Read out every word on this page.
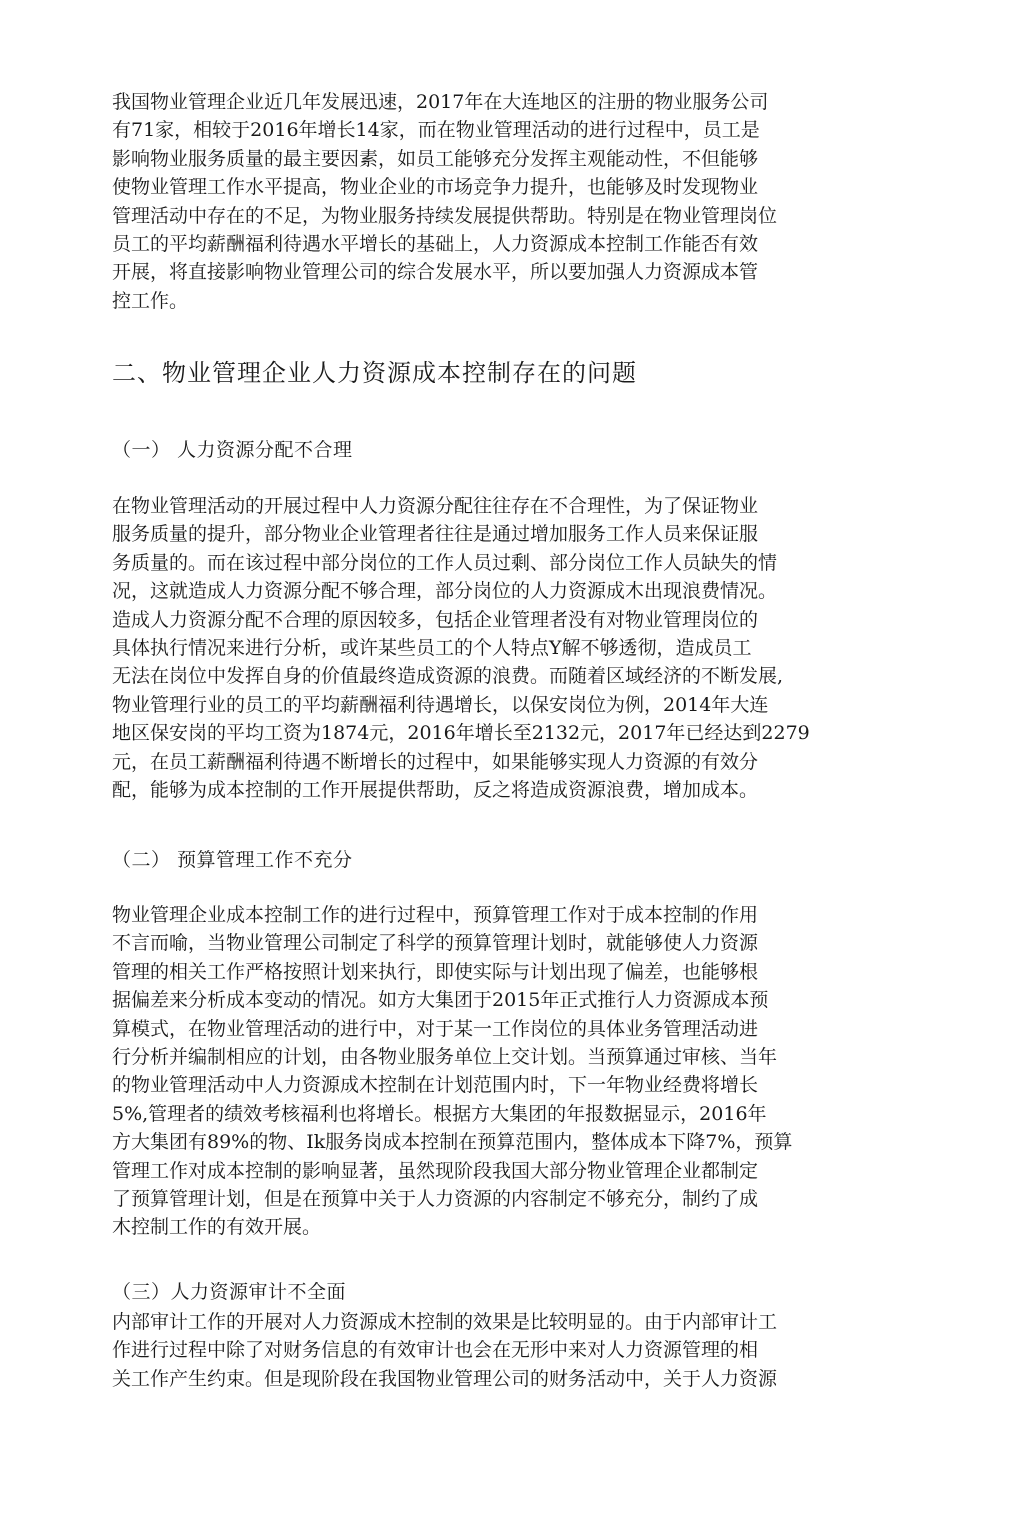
我国物业管理企业近几年发展迅速，2017年在大连地区的注册的物业服务公司
有71家，相较于2016年增长14家，而在物业管理活动的进行过程中，员工是
影响物业服务质量的最主要因素，如员工能够充分发挥主观能动性，不但能够
使物业管理工作水平提高，物业企业的市场竞争力提升，也能够及时发现物业
管理活动中存在的不足，为物业服务持续发展提供帮助。特别是在物业管理岗位
员工的平均薪酬福利待遇水平增长的基础上，人力资源成本控制工作能否有效
开展，将直接影响物业管理公司的综合发展水平，所以要加强人力资源成本管
控工作。
二、物业管理企业人力资源成本控制存在的问题
（一） 人力资源分配不合理
在物业管理活动的开展过程中人力资源分配往往存在不合理性，为了保证物业
服务质量的提升，部分物业企业管理者往往是通过增加服务工作人员来保证服
务质量的。而在该过程中部分岗位的工作人员过剩、部分岗位工作人员缺失的情
况，这就造成人力资源分配不够合理，部分岗位的人力资源成木出现浪费情况。
造成人力资源分配不合理的原因较多，包括企业管理者没有对物业管理岗位的
具体执行情况来进行分析，或许某些员工的个人特点Y解不够透彻，造成员工
无法在岗位中发挥自身的价值最终造成资源的浪费。而随着区域经济的不断发展,
物业管理行业的员工的平均薪酬福利待遇增长，以保安岗位为例，2014年大连
地区保安岗的平均工资为1874元，2016年增长至2132元，2017年已经达到2279
元，在员工薪酬福利待遇不断增长的过程中，如果能够实现人力资源的有效分
配，能够为成本控制的工作开展提供帮助，反之将造成资源浪费，增加成本。
（二） 预算管理工作不充分
物业管理企业成本控制工作的进行过程中，预算管理工作对于成本控制的作用
不言而喻，当物业管理公司制定了科学的预算管理计划时，就能够使人力资源
管理的相关工作严格按照计划来执行，即使实际与计划出现了偏差，也能够根
据偏差来分析成本变动的情况。如方大集团于2015年正式推行人力资源成本预
算模式，在物业管理活动的进行中，对于某一工作岗位的具体业务管理活动进
行分析并编制相应的计划，由各物业服务单位上交计划。当预算通过审核、当年
的物业管理活动中人力资源成木控制在计划范围内时，下一年物业经费将增长
5%,管理者的绩效考核福利也将增长。根据方大集团的年报数据显示，2016年
方大集团有89%的物、Ik服务岗成本控制在预算范围内，整体成本下降7%，预算
管理工作对成本控制的影响显著，虽然现阶段我国大部分物业管理企业都制定
了预算管理计划，但是在预算中关于人力资源的内容制定不够充分，制约了成
木控制工作的有效开展。
（三）人力资源审计不全面
内部审计工作的开展对人力资源成木控制的效果是比较明显的。由于内部审计工
作进行过程中除了对财务信息的有效审计也会在无形中来对人力资源管理的相
关工作产生约束。但是现阶段在我国物业管理公司的财务活动中，关于人力资源
